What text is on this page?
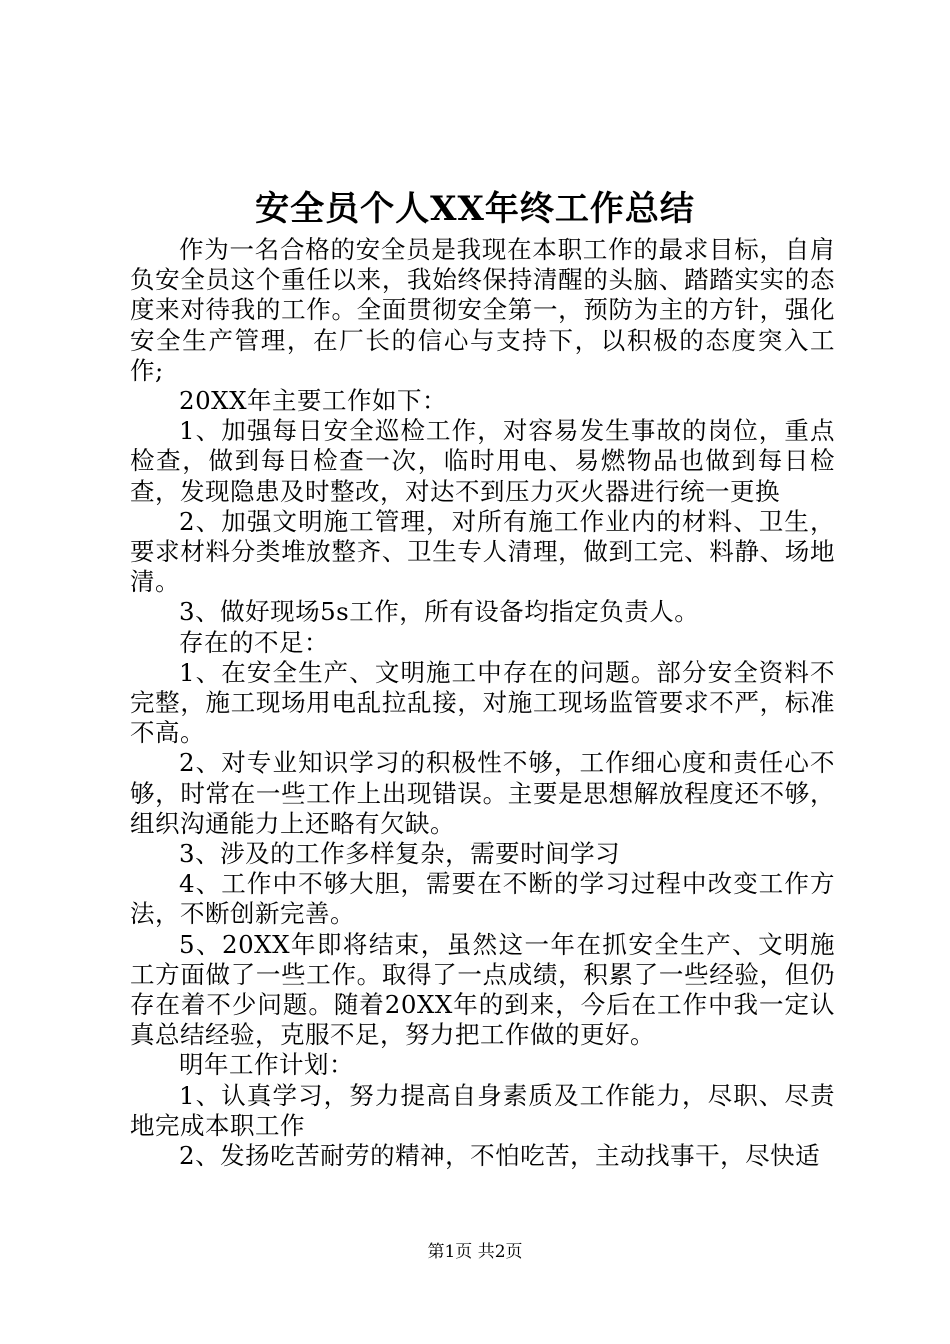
安全员个人XX年终工作总结

作为一名合格的安全员是我现在本职工作的最求目标，自肩负安全员这个重任以来，我始终保持清醒的头脑、踏踏实实的态度来对待我的工作。全面贯彻安全第一，预防为主的方针，强化安全生产管理，在厂长的信心与支持下，以积极的态度突入工作;

20XX年主要工作如下：

1、加强每日安全巡检工作，对容易发生事故的岗位，重点检查，做到每日检查一次，临时用电、易燃物品也做到每日检查，发现隐患及时整改，对达不到压力灭火器进行统一更换

2、加强文明施工管理，对所有施工作业内的材料、卫生，要求材料分类堆放整齐、卫生专人清理，做到工完、料静、场地清。

3、做好现场5s工作，所有设备均指定负责人。

存在的不足：

1、在安全生产、文明施工中存在的问题。部分安全资料不完整，施工现场用电乱拉乱接，对施工现场监管要求不严，标准不高。

2、对专业知识学习的积极性不够，工作细心度和责任心不够，时常在一些工作上出现错误。主要是思想解放程度还不够，组织沟通能力上还略有欠缺。

3、涉及的工作多样复杂，需要时间学习

4、工作中不够大胆，需要在不断的学习过程中改变工作方法，不断创新完善。

5、20XX年即将结束，虽然这一年在抓安全生产、文明施工方面做了一些工作。取得了一点成绩，积累了一些经验，但仍存在着不少问题。随着20XX年的到来，今后在工作中我一定认真总结经验，克服不足，努力把工作做的更好。

明年工作计划：

1、认真学习，努力提高自身素质及工作能力，尽职、尽责地完成本职工作

2、发扬吃苦耐劳的精神，不怕吃苦，主动找事干，尽快适

第1页 共2页
